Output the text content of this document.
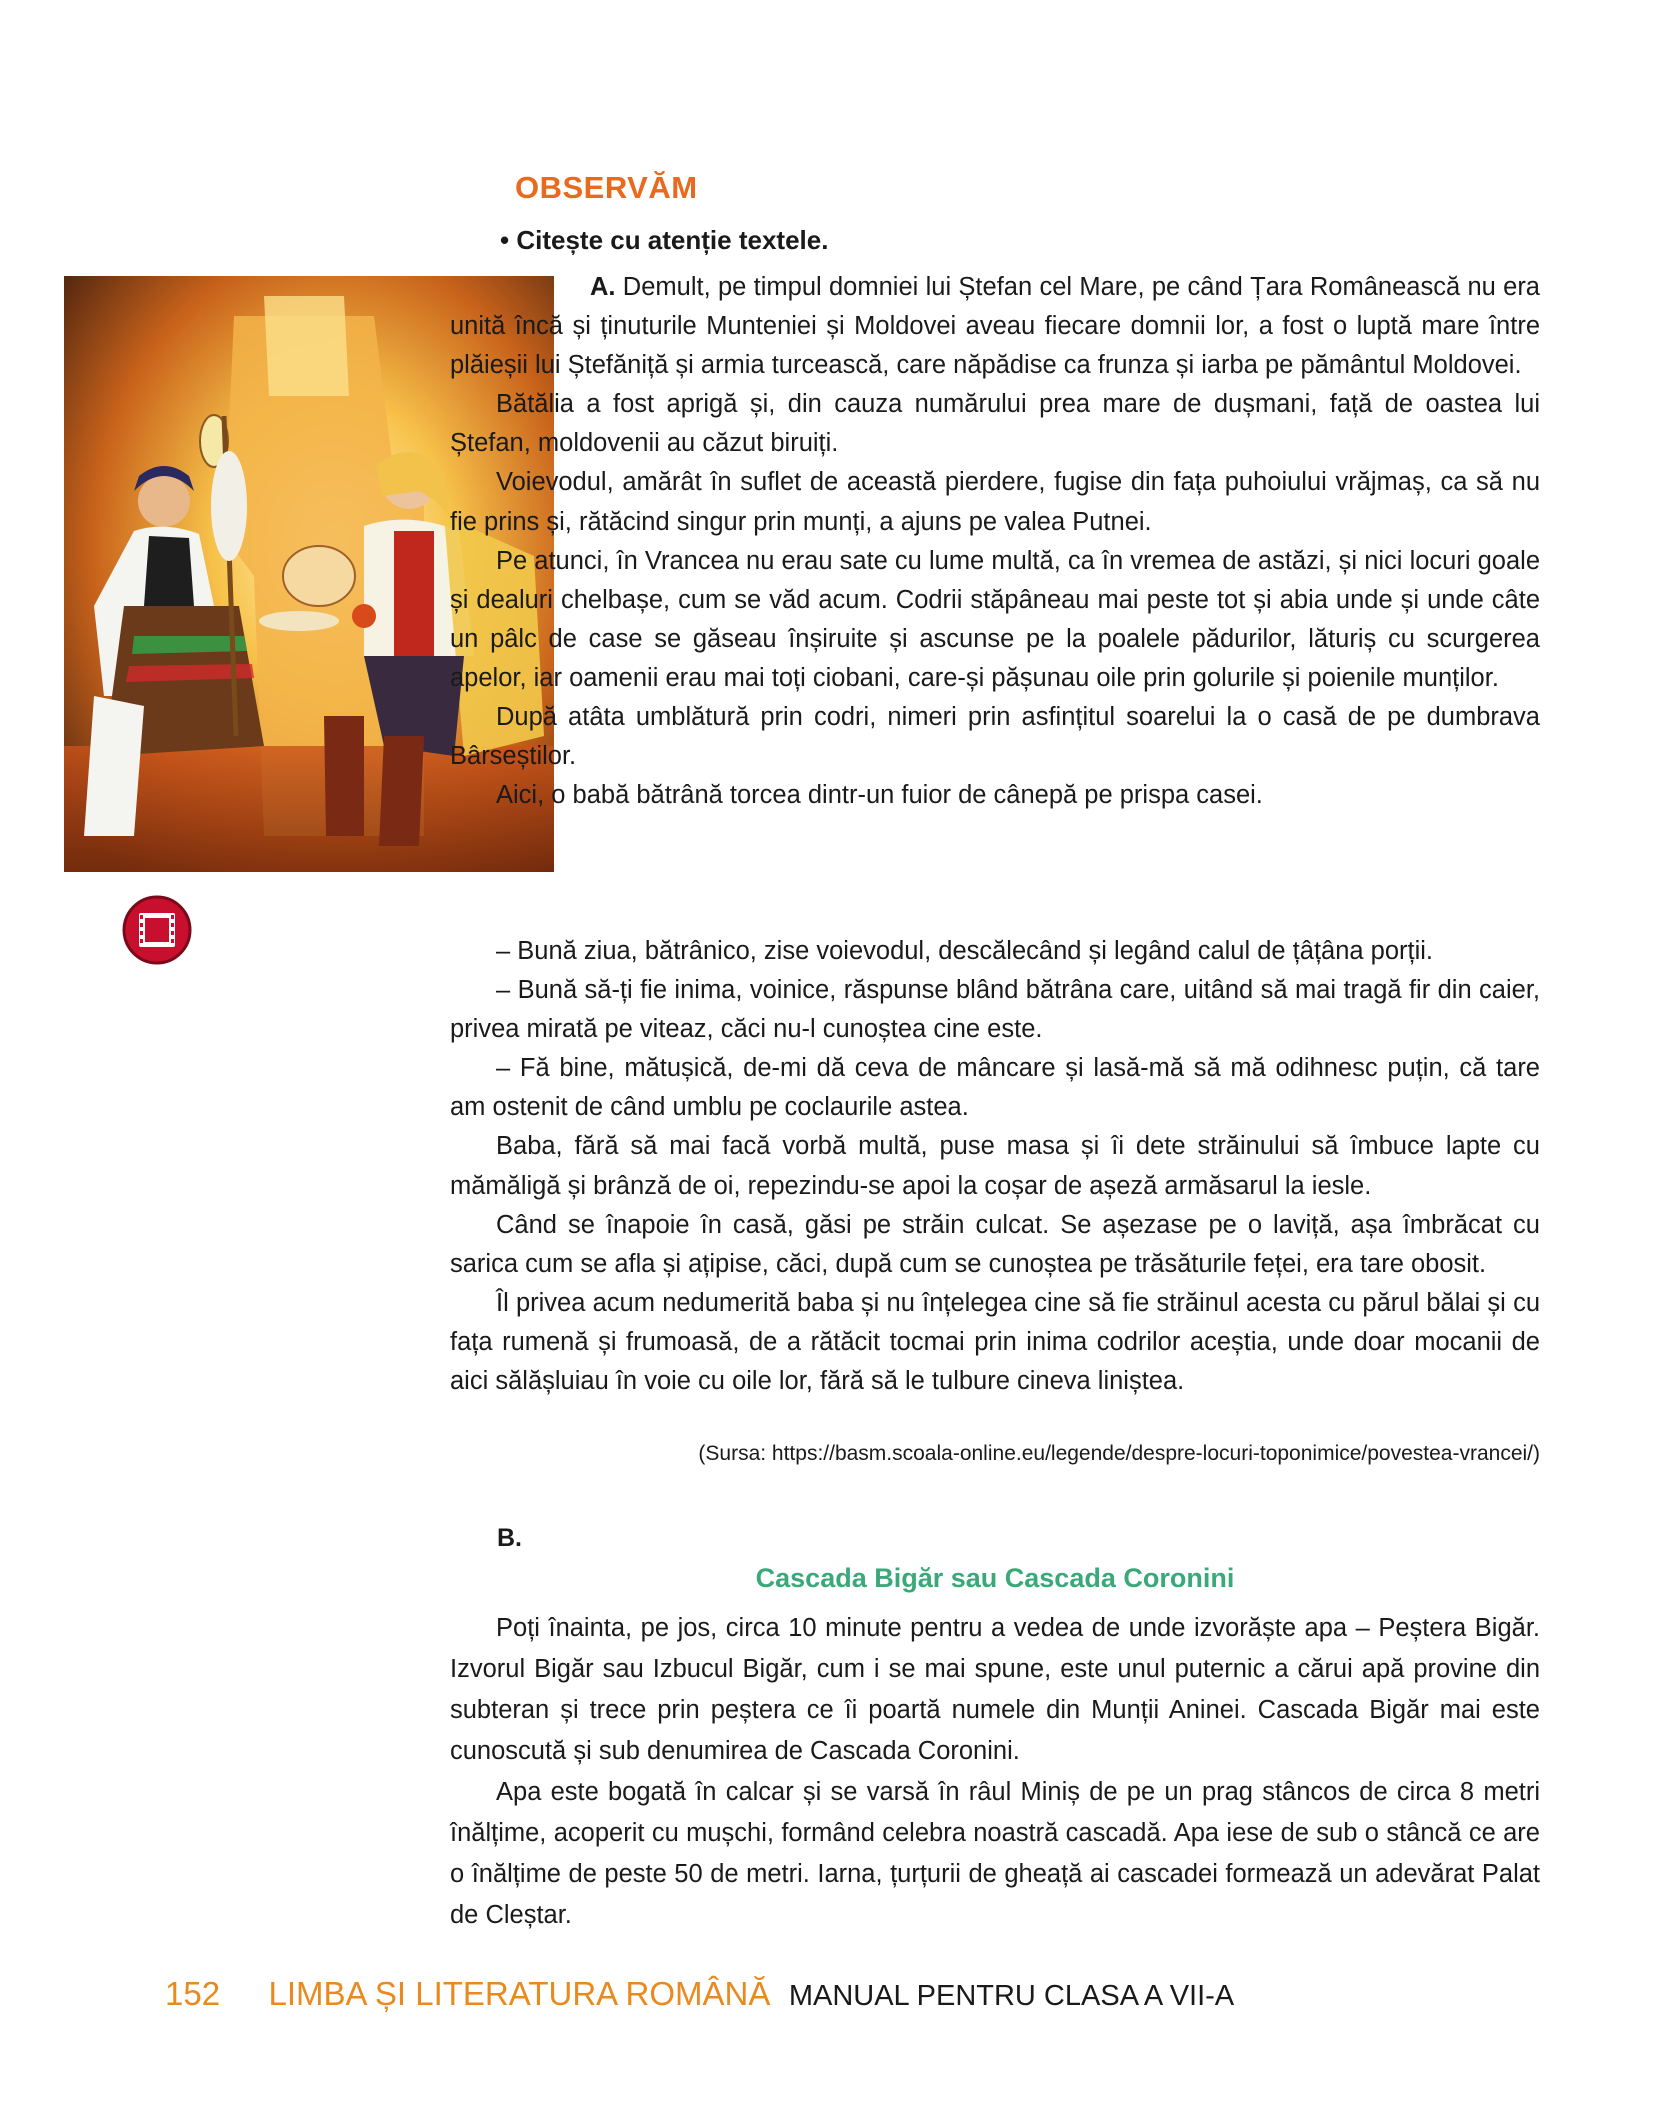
OBSERVĂM
• Citește cu atenție textele.

A. Demult, pe timpul domniei lui Ștefan cel Mare, pe când Țara Românească nu era unită încă și ținuturile Munteniei și Moldovei aveau fiecare domnii lor, a fost o luptă mare între plăieșii lui Ștefăniță și armia turcească, care năpădise ca frunza și iarba pe pământul Moldovei.

Bătălia a fost aprigă și, din cauza numărului prea mare de dușmani, față de oastea lui Ștefan, moldovenii au căzut biruiți.

Voievodul, amărât în suflet de această pierdere, fugise din fața puhoiului vrăjmaș, ca să nu fie prins și, rătăcind singur prin munți, a ajuns pe valea Putnei.

Pe atunci, în Vrancea nu erau sate cu lume multă, ca în vremea de astăzi, și nici locuri goale și dealuri chelbașe, cum se văd acum. Codrii stăpâneau mai peste tot și abia unde și unde câte un pâlc de case se găseau înșiruite și ascunse pe la poalele pădurilor, lăturiș cu scurgerea apelor, iar oamenii erau mai toți ciobani, care-și pășunau oile prin golurile și poienile munților.

După atâta umblătură prin codri, nimeri prin asfințitul soarelui la o casă de pe dumbrava Bârseștilor.

Aici, o babă bătrână torcea dintr-un fuior de cânepă pe prispa casei.

– Bună ziua, bătrânico, zise voievodul, descălecând și legând calul de țâțâna porții.

– Bună să-ți fie inima, voinice, răspunse blând bătrâna care, uitând să mai tragă fir din caier, privea mirată pe viteaz, căci nu-l cunoștea cine este.

– Fă bine, mătușică, de-mi dă ceva de mâncare și lasă-mă să mă odihnesc puțin, că tare am ostenit de când umblu pe coclaurile astea.

Baba, fără să mai facă vorbă multă, puse masa și îi dete străinului să îmbuce lapte cu mămăligă și brânză de oi, repezindu-se apoi la coșar de așeză armăsarul la iesle.

Când se înapoie în casă, găsi pe străin culcat. Se așezase pe o laviță, așa îmbrăcat cu sarica cum se afla și ațipise, căci, după cum se cunoștea pe trăsăturile feței, era tare obosit.

Îl privea acum nedumerită baba și nu înțelegea cine să fie străinul acesta cu părul bălai și cu fața rumenă și frumoasă, de a rătăcit tocmai prin inima codrilor aceștia, unde doar mocanii de aici sălășluiau în voie cu oile lor, fără să le tulbure cineva liniștea.

(Sursa: https://basm.scoala-online.eu/legende/despre-locuri-toponimice/povestea-vrancei/)
B.
Cascada Bigăr sau Cascada Coronini

Poți înainta, pe jos, circa 10 minute pentru a vedea de unde izvorăște apa – Peștera Bigăr. Izvorul Bigăr sau Izbucul Bigăr, cum i se mai spune, este unul puternic a cărui apă provine din subteran și trece prin peștera ce îi poartă numele din Munții Aninei. Cascada Bigăr mai este cunoscută și sub denumirea de Cascada Coronini.

Apa este bogată în calcar și se varsă în râul Miniș de pe un prag stâncos de circa 8 metri înălțime, acoperit cu mușchi, formând celebra noastră cascadă. Apa iese de sub o stâncă ce are o înălțime de peste 50 de metri. Iarna, țurțurii de gheață ai cascadei formează un adevărat Palat de Cleștar.

152 LIMBA ȘI LITERATURA ROMÂNĂ MANUAL PENTRU CLASA A VII-A
